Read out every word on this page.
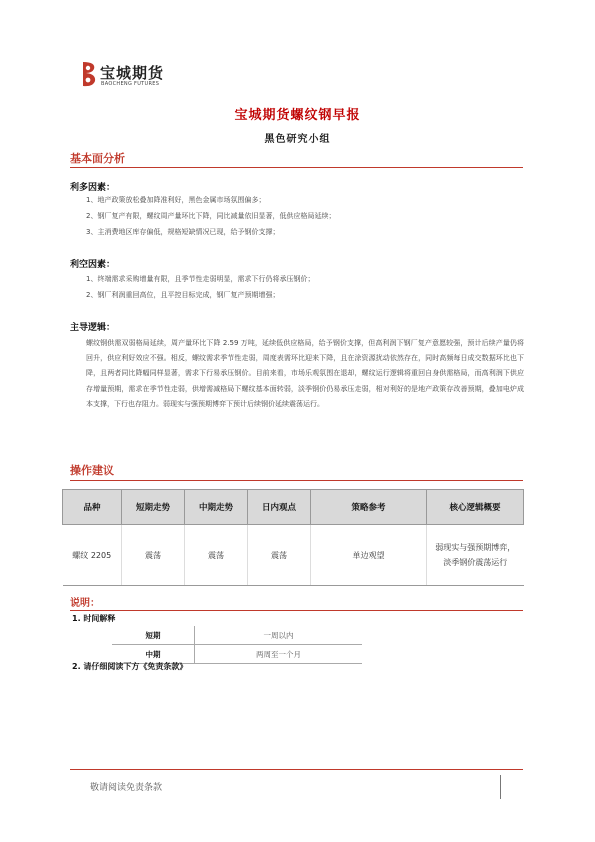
宝城期货
BAOCHENG FUTURES
宝城期货螺纹钢早报
黑色研究小组
基本面分析
利多因素：
1、地产政策放松叠加降准利好，黑色金属市场氛围偏多；
2、钢厂复产有限，螺纹周产量环比下降，同比减量依旧显著，低供应格局延续；
3、主消费地区库存偏低，规格短缺情况已现，给予钢价支撑；
利空因素：
1、终端需求采购增量有限，且季节性走弱明显，需求下行仍将承压钢价；
2、钢厂利润重回高位，且平控目标完成，钢厂复产预期增强；
主导逻辑：

螺纹钢供需双弱格局延续，周产量环比下降 2.59 万吨，延续低供应格局，给予钢价支撑，但高利润下钢厂复产意愿较强，预计后续产量仍将回升，供应利好效应不强。相反，螺纹需求季节性走弱，周度表需环比迎来下降，且在涂资源扰动依然存在，同时高频每日成交数据环比也下降，且两者同比降幅同样显著，需求下行易承压钢价。目前来看，市场乐观氛围在退却，螺纹运行逻辑将重回自身供需格局，而高利润下供应存增量预期，需求在季节性走弱，供增需减格局下螺纹基本面转弱，淡季钢价仍易承压走弱，相对利好的是地产政策存改善预期，叠加电炉成本支撑，下行也存阻力。弱现实与强预期博弈下预计后续钢价延续震荡运行。

操作建议
品种	短期走势	中期走势	日内观点	策略参考	核心逻辑概要
螺纹 2205	震荡	震荡	震荡	单边观望	弱现实与强预期博弈，
淡季钢价震荡运行
说明：
1. 时间解释
短期	一周以内
中期	两周至一个月
2. 请仔细阅读下方《免责条款》
敬请阅读免责条款
